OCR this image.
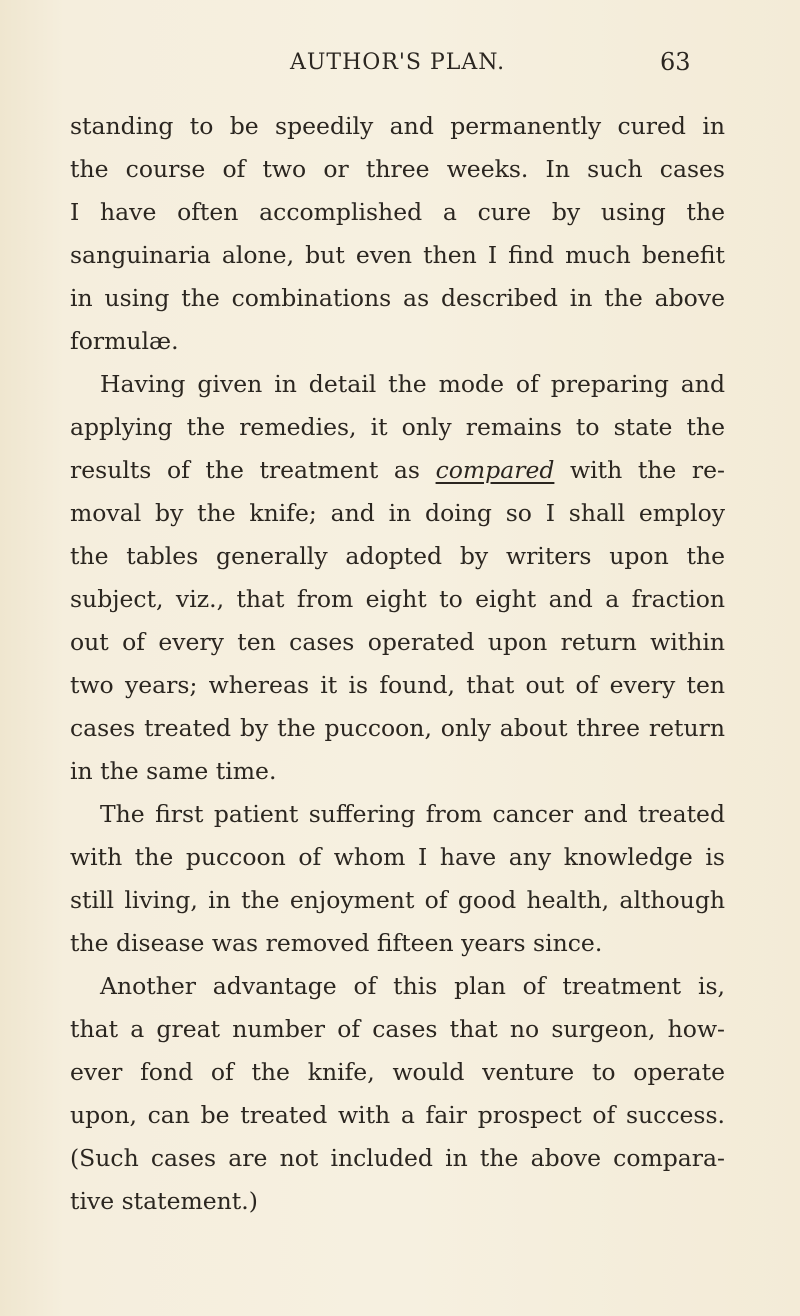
AUTHOR'S PLAN.	63
standing to be speedily and permanently cured in
the course of two or three weeks. In such cases
I have often accomplished a cure by using the
sanguinaria alone, but even then I find much benefit
in using the combinations as described in the above
formulæ.
Having given in detail the mode of preparing and
applying the remedies, it only remains to state the
results of the treatment as compared with the re-
moval by the knife; and in doing so I shall employ
the tables generally adopted by writers upon the
subject, viz., that from eight to eight and a fraction
out of every ten cases operated upon return within
two years; whereas it is found, that out of every ten
cases treated by the puccoon, only about three return
in the same time.
The first patient suffering from cancer and treated
with the puccoon of whom I have any knowledge is
still living, in the enjoyment of good health, although
the disease was removed fifteen years since.
Another advantage of this plan of treatment is,
that a great number of cases that no surgeon, how-
ever fond of the knife, would venture to operate
upon, can be treated with a fair prospect of success.
(Such cases are not included in the above compara-
tive statement.)
